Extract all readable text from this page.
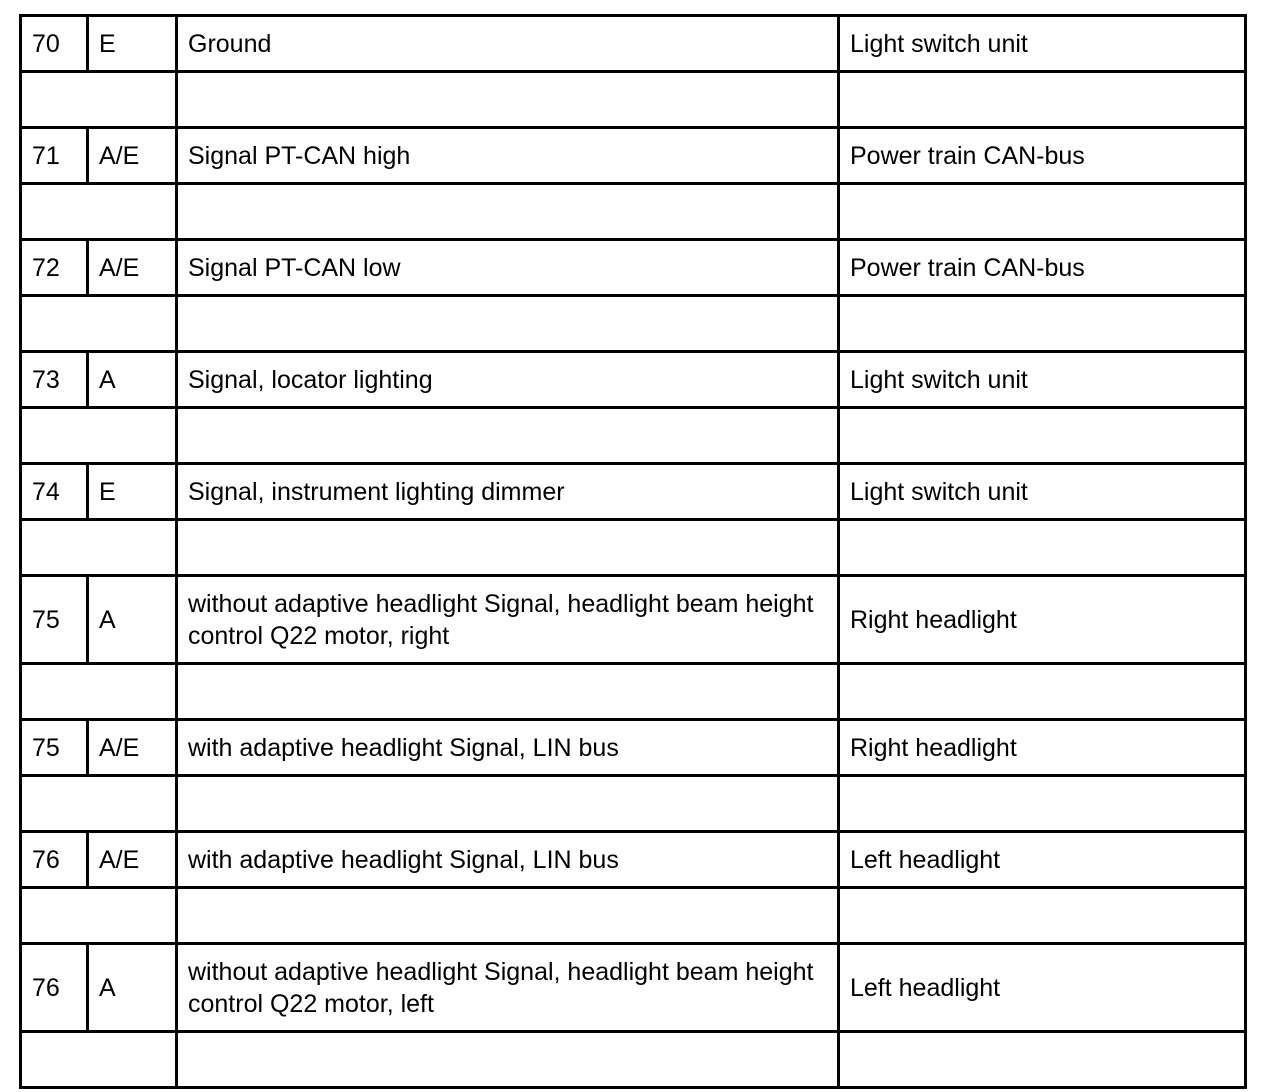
70	E	Ground	Light switch unit

71	A/E	Signal PT-CAN high	Power train CAN-bus

72	A/E	Signal PT-CAN low	Power train CAN-bus

73	A	Signal, locator lighting	Light switch unit

74	E	Signal, instrument lighting dimmer	Light switch unit

75	A	without adaptive headlight Signal, headlight beam height control Q22 motor, right	Right headlight

75	A/E	with adaptive headlight Signal, LIN bus	Right headlight

76	A/E	with adaptive headlight Signal, LIN bus	Left headlight

76	A	without adaptive headlight Signal, headlight beam height control Q22 motor, left	Left headlight
